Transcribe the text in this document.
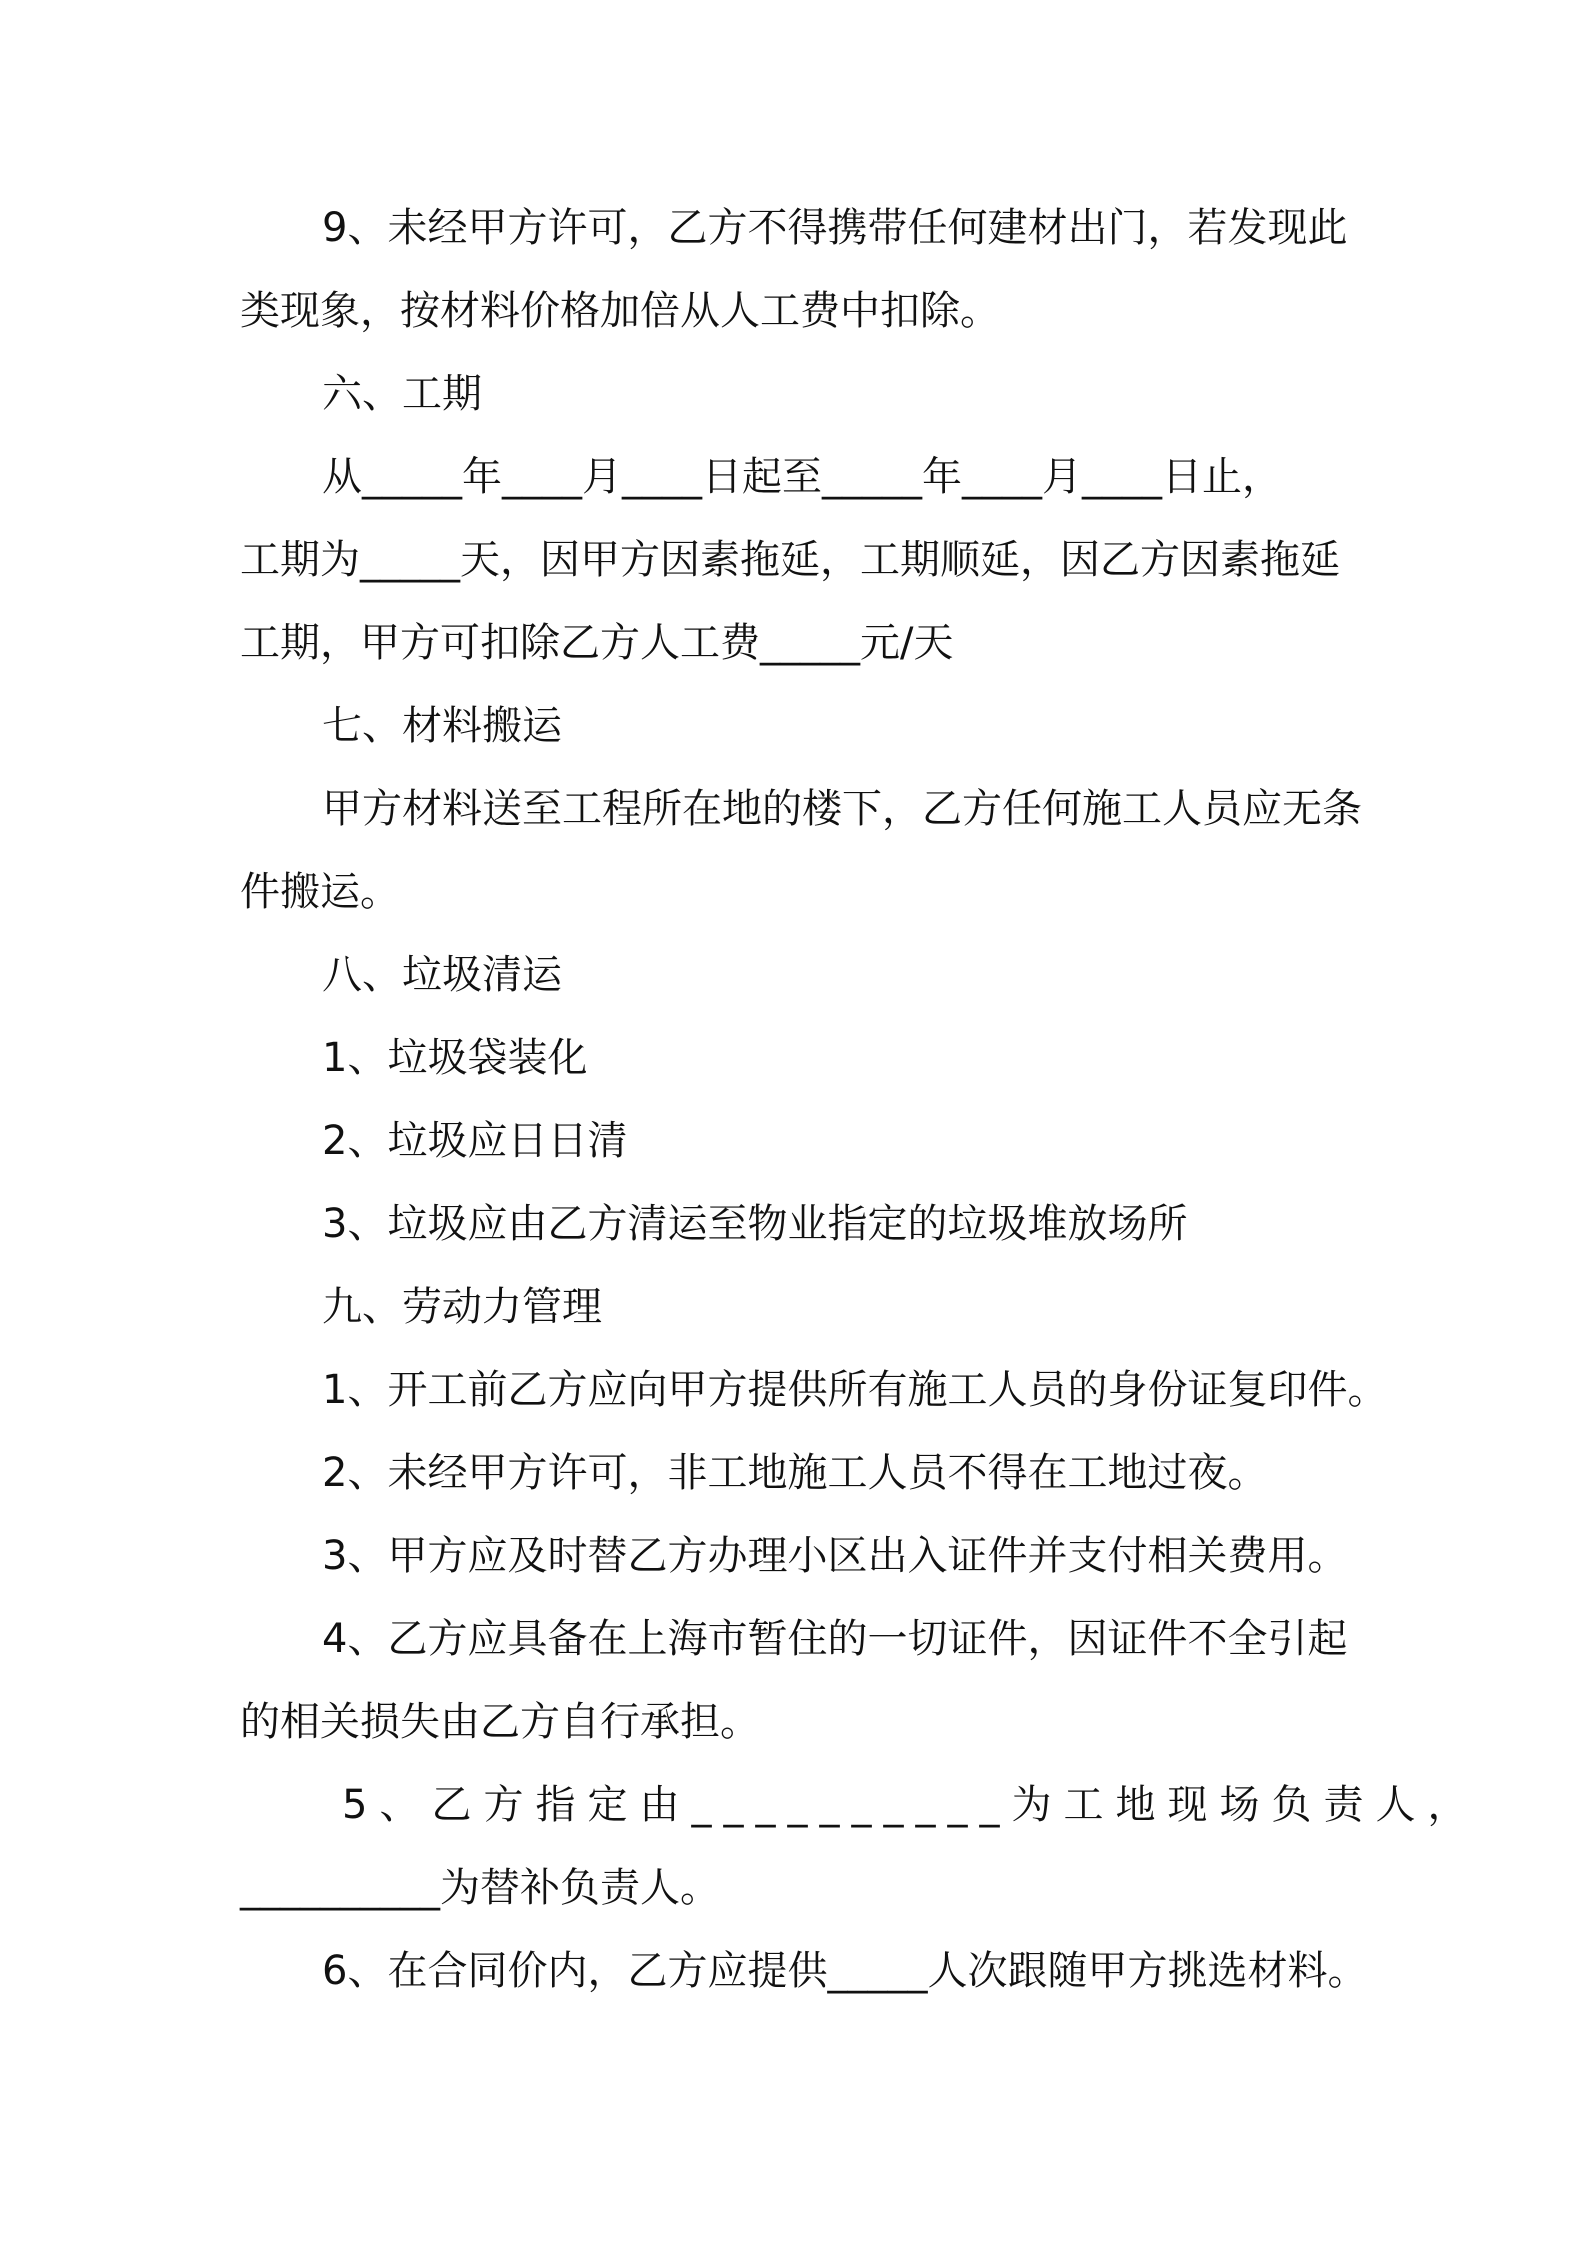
9、未经甲方许可，乙方不得携带任何建材出门，若发现此

类现象，按材料价格加倍从人工费中扣除。

六、工期

从_____年____月____日起至_____年____月____日止，

工期为_____天，因甲方因素拖延，工期顺延，因乙方因素拖延

工期，甲方可扣除乙方人工费_____元/天

七、材料搬运

甲方材料送至工程所在地的楼下，乙方任何施工人员应无条

件搬运。

八、垃圾清运

1、垃圾袋装化

2、垃圾应日日清

3、垃圾应由乙方清运至物业指定的垃圾堆放场所

九、劳动力管理

1、开工前乙方应向甲方提供所有施工人员的身份证复印件。

2、未经甲方许可，非工地施工人员不得在工地过夜。

3、甲方应及时替乙方办理小区出入证件并支付相关费用。

4、乙方应具备在上海市暂住的一切证件，因证件不全引起

的相关损失由乙方自行承担。

5、乙方指定由__________为工地现场负责人，

__________为替补负责人。

6、在合同价内，乙方应提供_____人次跟随甲方挑选材料。
